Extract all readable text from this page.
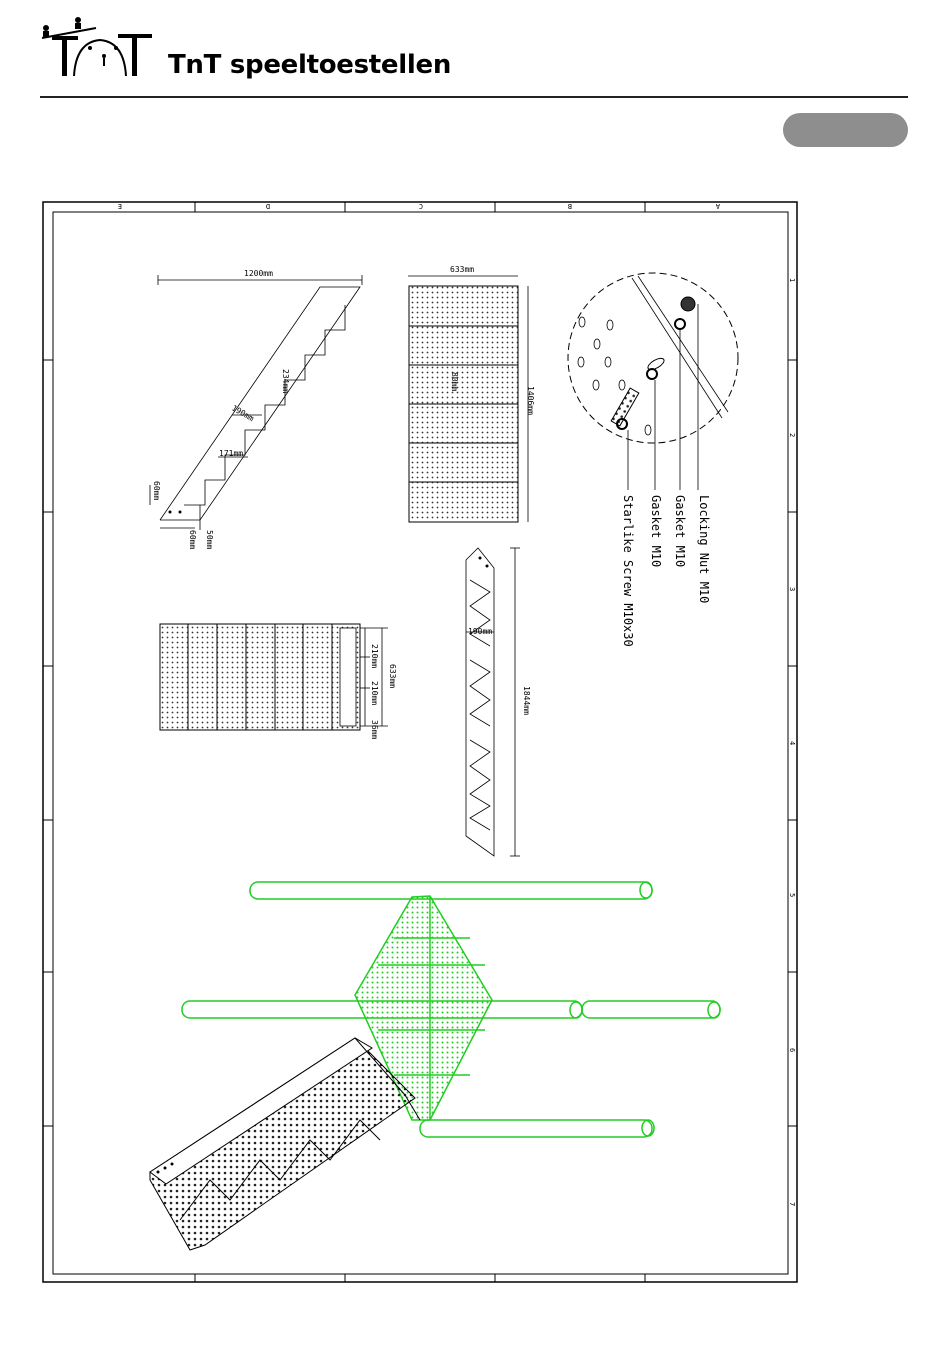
TnT speeltoestellen
E	D	C	B	A
1
2
3
4
5
6
7
1200mm
234mm
190mm
171mm
60mm
60mm 50mm
633mm
1406mm
80mm
Locking Nut M10
Gasket M10
Gasket M10
Starlike Screw M10x30
210mm
210mm
633mm
36mm
190mm
1844mm
